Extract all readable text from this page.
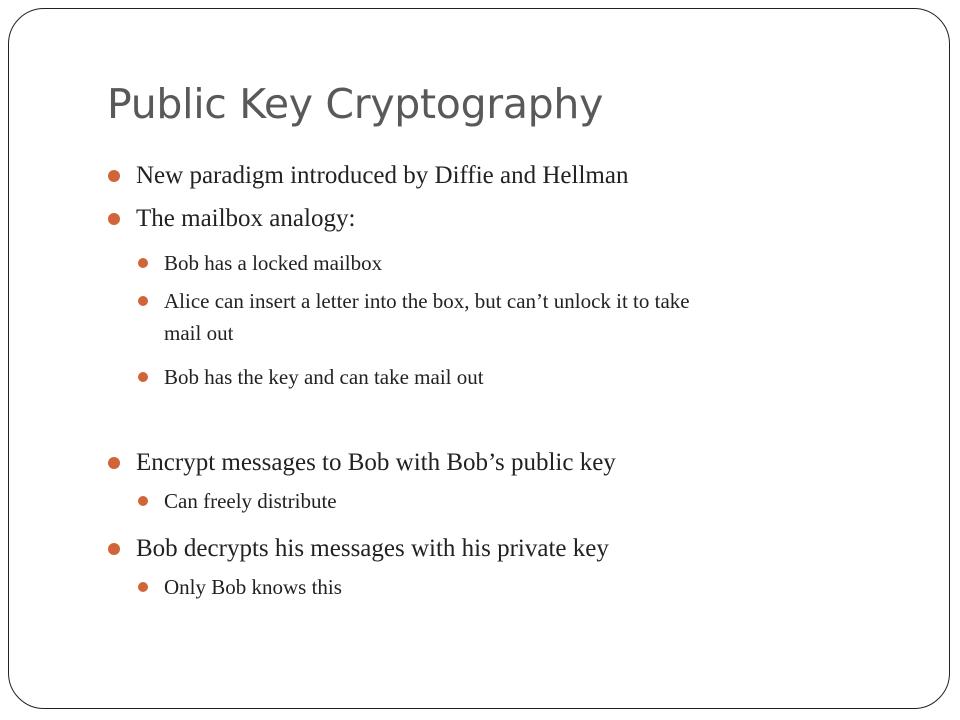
Public Key Cryptography
New paradigm introduced by Diffie and Hellman
The mailbox analogy:
Bob has a locked mailbox
Alice can insert a letter into the box, but can’t unlock it to take
mail out
Bob has the key and can take mail out
Encrypt messages to Bob with Bob’s public key
Can freely distribute
Bob decrypts his messages with his private key
Only Bob knows this
